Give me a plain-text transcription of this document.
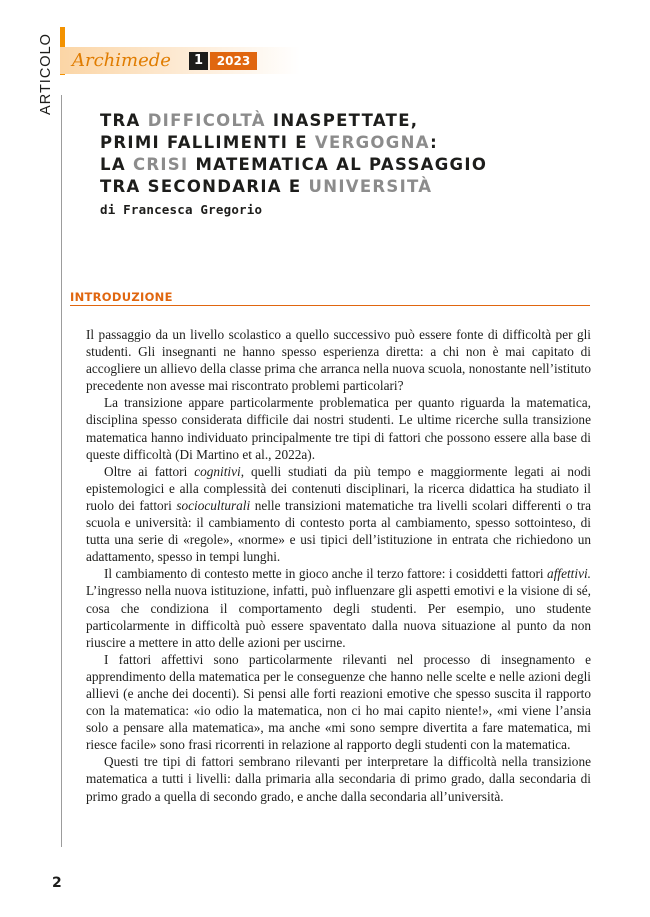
ARTICOLO Archimede	1	2023
TRA DIFFICOLTÀ INASPETTATE,
PRIMI FALLIMENTI E VERGOGNA:
LA CRISI MATEMATICA AL PASSAGGIO
TRA SECONDARIA E UNIVERSITÀ
di Francesca Gregorio
INTRODUZIONE

Il passaggio da un livello scolastico a quello successivo può essere fonte di difficoltà per gli studenti. Gli insegnanti ne hanno spesso esperienza diretta: a chi non è mai capitato di accogliere un allievo della classe prima che arranca nella nuova scuola, nonostante nell’istituto precedente non avesse mai riscontrato problemi particolari?

La transizione appare particolarmente problematica per quanto riguarda la matematica, disciplina spesso considerata difficile dai nostri studenti. Le ultime ricerche sulla transizione matematica hanno individuato principalmente tre tipi di fattori che possono essere alla base di queste difficoltà (Di Martino et al., 2022a).

Oltre ai fattori cognitivi, quelli studiati da più tempo e maggiormente legati ai nodi epistemologici e alla complessità dei contenuti disciplinari, la ricerca didattica ha studiato il ruolo dei fattori socioculturali nelle transizioni matematiche tra livelli scolari differenti o tra scuola e università: il cambiamento di contesto porta al cambiamento, spesso sottointeso, di tutta una serie di «regole», «norme» e usi tipici dell’istituzione in entrata che richiedono un adattamento, spesso in tempi lunghi.

Il cambiamento di contesto mette in gioco anche il terzo fattore: i cosiddetti fattori affettivi. L’ingresso nella nuova istituzione, infatti, può influenzare gli aspetti emotivi e la visione di sé, cosa che condiziona il comportamento degli studenti. Per esempio, uno studente particolarmente in difficoltà può essere spaventato dalla nuova situazione al punto da non riuscire a mettere in atto delle azioni per uscirne.

I fattori affettivi sono particolarmente rilevanti nel processo di insegnamento e apprendimento della matematica per le conseguenze che hanno nelle scelte e nelle azioni degli allievi (e anche dei docenti). Si pensi alle forti reazioni emotive che spesso suscita il rapporto con la matematica: «io odio la matematica, non ci ho mai capito niente!», «mi viene l’ansia solo a pensare alla matematica», ma anche «mi sono sempre divertita a fare matematica, mi riesce facile» sono frasi ricorrenti in relazione al rapporto degli studenti con la matematica.

Questi tre tipi di fattori sembrano rilevanti per interpretare la difficoltà nella transizione matematica a tutti i livelli: dalla primaria alla secondaria di primo grado, dalla secondaria di primo grado a quella di secondo grado, e anche dalla secondaria all’università.

2
